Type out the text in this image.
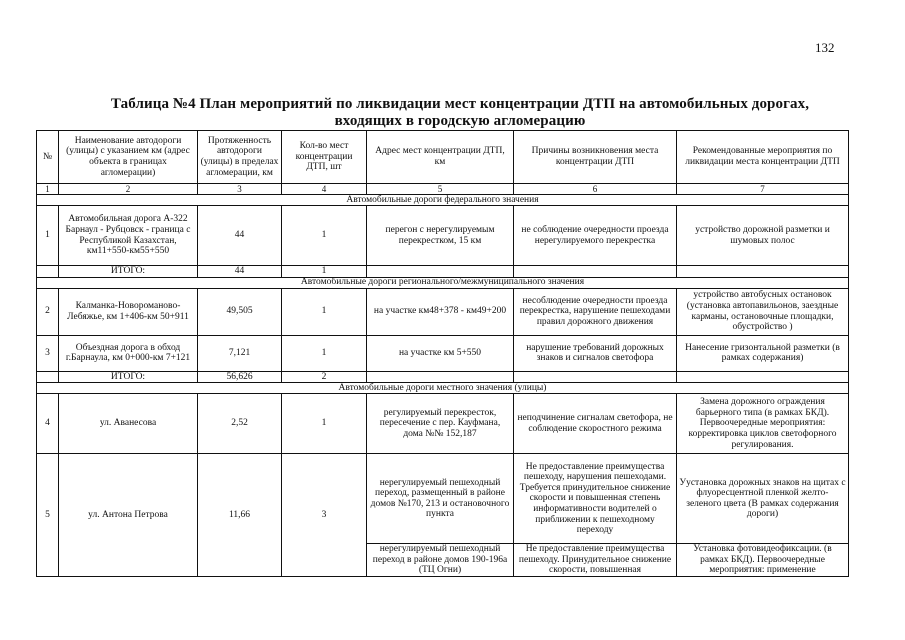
132
Таблица №4 План мероприятий по ликвидации мест концентрации ДТП на автомобильных дорогах,
входящих в городскую агломерацию
№	Наименование автодороги (улицы) с указанием км (адрес объекта в границах агломерации)	Протяженность автодороги (улицы) в пределах агломерации, км	Кол-во мест концентрации ДТП, шт	Адрес мест концентрации ДТП, км	Причины возникновения места концентрации ДТП	Рекомендованные мероприятия по ликвидации места концентрации ДТП
1	2	3	4	5	6	7
Автомобильные дороги федерального значения						
1	Автомобильная дорога А-322 Барнаул - Рубцовск - граница с Республикой Казахстан, км11+550-км55+550	44	1	перегон с нерегулируемым перекрестком, 15 км	не соблюдение очередности проезда нерегулируемого перекрестка	устройство дорожной разметки и шумовых полос
	ИТОГО:	44	1			
Автомобильные дороги регионального/межмуниципального значения						
2	Калманка-Новороманово-Лебяжье, км 1+406-км 50+911	49,505	1	на участке км48+378 - км49+200	несоблюдение очередности проезда перекрестка, нарушение пешеходами правил дорожного движения	устройство автобусных остановок (установка автопавильонов, заездные карманы, остановочные площадки, обустройство )
3	Объездная дорога в обход г.Барнаула, км 0+000-км 7+121	7,121	1	на участке км 5+550	нарушение требований дорожных знаков и сигналов светофора	Нанесение гризонтальной разметки (в рамках содержания)
	ИТОГО:	56,626	2			
Автомобильные дороги местного значения (улицы)						
4	ул. Аванесова	2,52	1	регулируемый перекресток, пересечение с пер. Кауфмана, дома №№ 152,187	неподчинение сигналам светофора, не соблюдение скоростного режима	Замена дорожного ограждения барьерного типа (в рамках БКД). Первоочередные мероприятия: корректировка циклов светофорного регулирования.
5	ул. Антона Петрова	11,66	3	нерегулируемый пешеходный переход, размещенный в районе домов №170, 213 и остановочного пункта	Не предоставление преимущества пешеходу, нарушения пешеходами. Требуется принудительное снижение скорости и повышенная степень информативности водителей о приближении к пешеходному переходу	Уустановка дорожных знаков на щитах с флуоресцентной пленкой желто-зеленого цвета (В рамках содержания дороги)
				нерегулируемый пешеходный переход в районе домов 190-196а (ТЦ Огни)	Не предоставление преимущества пешеходу. Принудительное снижение скорости, повышенная	Установка фотовидеофиксации. (в рамках БКД). Первоочередные мероприятия: применение
